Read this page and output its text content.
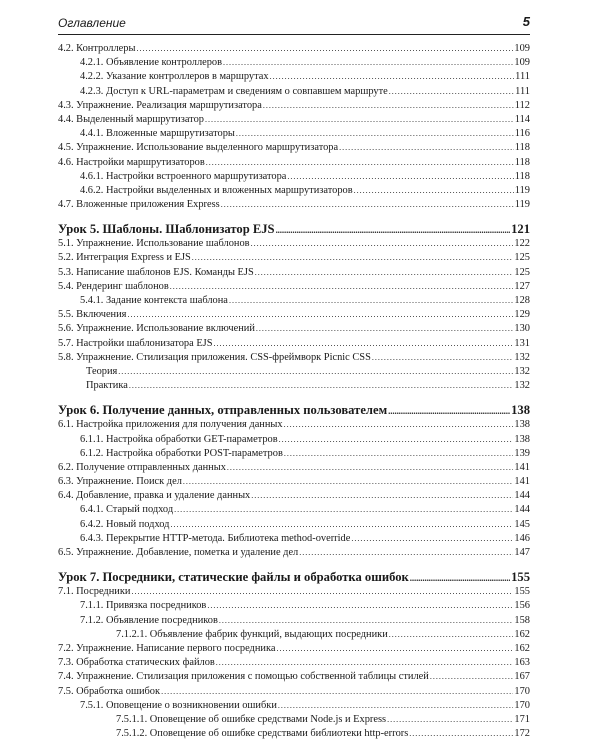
Оглавление	5
4.2. Контроллеры . . .	109
4.2.1. Объявление контроллеров . . .	109
4.2.2. Указание контроллеров в маршрутах . . .	111
4.2.3. Доступ к URL-параметрам и сведениям о совпавшем маршруте . . .	111
4.3. Упражнение. Реализация маршрутизатора . . .	112
4.4. Выделенный маршрутизатор . . .	114
4.4.1. Вложенные маршрутизаторы . . .	116
4.5. Упражнение. Использование выделенного маршрутизатора . . .	118
4.6. Настройки маршрутизаторов . . .	118
4.6.1. Настройки встроенного маршрутизатора . . .	118
4.6.2. Настройки выделенных и вложенных маршрутизаторов . . .	119
4.7. Вложенные приложения Express . . .	119
Урок 5. Шаблоны. Шаблонизатор EJS . . .	121
5.1. Упражнение. Использование шаблонов . . .	122
5.2. Интеграция Express и EJS . . .	125
5.3. Написание шаблонов EJS. Команды EJS . . .	125
5.4. Рендеринг шаблонов . . .	127
5.4.1. Задание контекста шаблона . . .	128
5.5. Включения . . .	129
5.6. Упражнение. Использование включений . . .	130
5.7. Настройки шаблонизатора EJS . . .	131
5.8. Упражнение. Стилизация приложения. CSS-фреймворк Picnic CSS . . .	132
Теория . . .	132
Практика . . .	132
Урок 6. Получение данных, отправленных пользователем . . .	138
6.1. Настройка приложения для получения данных . . .	138
6.1.1. Настройка обработки GET-параметров . . .	138
6.1.2. Настройка обработки POST-параметров . . .	139
6.2. Получение отправленных данных . . .	141
6.3. Упражнение. Поиск дел . . .	141
6.4. Добавление, правка и удаление данных . . .	144
6.4.1. Старый подход . . .	144
6.4.2. Новый подход . . .	145
6.4.3. Перекрытие HTTP-метода. Библиотека method-override . . .	146
6.5. Упражнение. Добавление, пометка и удаление дел . . .	147
Урок 7. Посредники, статические файлы и обработка ошибок . . .	155
7.1. Посредники . . .	155
7.1.1. Привязка посредников . . .	156
7.1.2. Объявление посредников . . .	158
7.1.2.1. Объявление фабрик функций, выдающих посредники . . .	162
7.2. Упражнение. Написание первого посредника . . .	162
7.3. Обработка статических файлов . . .	163
7.4. Упражнение. Стилизация приложения с помощью собственной таблицы стилей . . .	167
7.5. Обработка ошибок . . .	170
7.5.1. Оповещение о возникновении ошибки . . .	170
7.5.1.1. Оповещение об ошибке средствами Node.js и Express . . .	171
7.5.1.2. Оповещение об ошибке средствами библиотеки http-errors . . .	172
